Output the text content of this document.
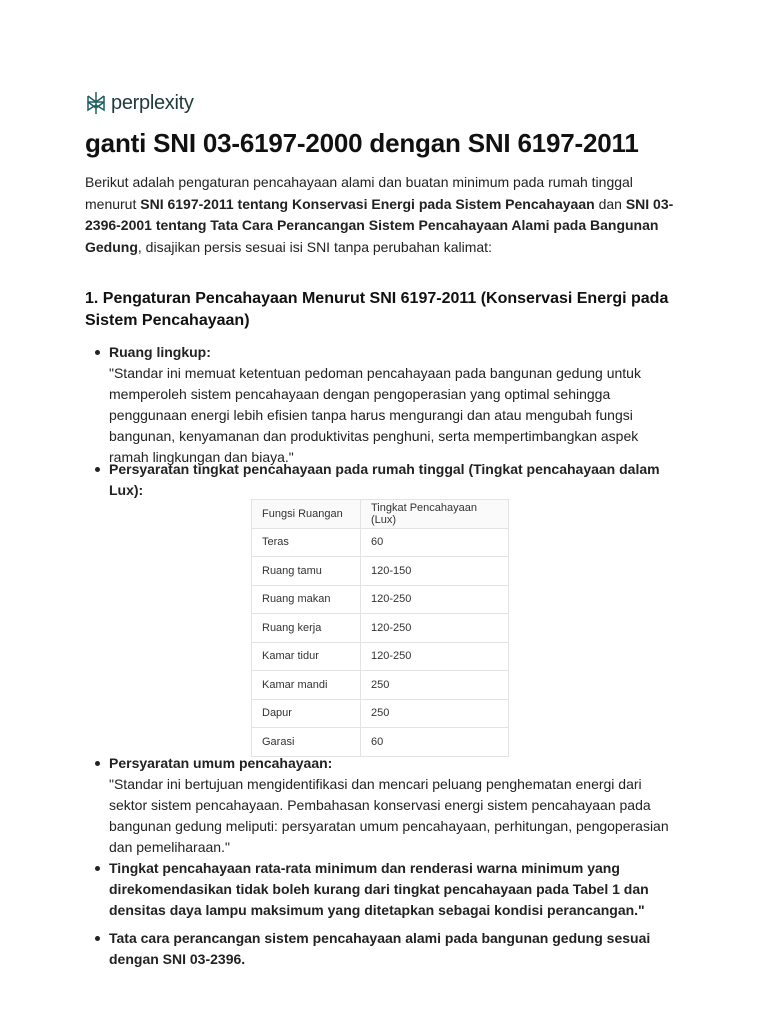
perplexity
ganti SNI 03-6197-2000 dengan SNI 6197-2011

Berikut adalah pengaturan pencahayaan alami dan buatan minimum pada rumah tinggal menurut SNI 6197-2011 tentang Konservasi Energi pada Sistem Pencahayaan dan SNI 03-2396-2001 tentang Tata Cara Perancangan Sistem Pencahayaan Alami pada Bangunan Gedung, disajikan persis sesuai isi SNI tanpa perubahan kalimat:

1. Pengaturan Pencahayaan Menurut SNI 6197-2011 (Konservasi Energi pada Sistem Pencahayaan)
Ruang lingkup:
"Standar ini memuat ketentuan pedoman pencahayaan pada bangunan gedung untuk memperoleh sistem pencahayaan dengan pengoperasian yang optimal sehingga penggunaan energi lebih efisien tanpa harus mengurangi dan atau mengubah fungsi bangunan, kenyamanan dan produktivitas penghuni, serta mempertimbangkan aspek ramah lingkungan dan biaya."
Persyaratan tingkat pencahayaan pada rumah tinggal (Tingkat pencahayaan dalam Lux):
Persyaratan umum pencahayaan:
"Standar ini bertujuan mengidentifikasi dan mencari peluang penghematan energi dari sektor sistem pencahayaan. Pembahasan konservasi energi sistem pencahayaan pada bangunan gedung meliputi: persyaratan umum pencahayaan, perhitungan, pengoperasian dan pemeliharaan."
Tingkat pencahayaan rata-rata minimum dan renderasi warna minimum yang direkomendasikan tidak boleh kurang dari tingkat pencahayaan pada Tabel 1 dan densitas daya lampu maksimum yang ditetapkan sebagai kondisi perancangan."
Tata cara perancangan sistem pencahayaan alami pada bangunan gedung sesuai dengan SNI 03-2396.
Fungsi Ruangan	Tingkat Pencahayaan (Lux)
Teras	60
Ruang tamu	120-150
Ruang makan	120-250
Ruang kerja	120-250
Kamar tidur	120-250
Kamar mandi	250
Dapur	250
Garasi	60
